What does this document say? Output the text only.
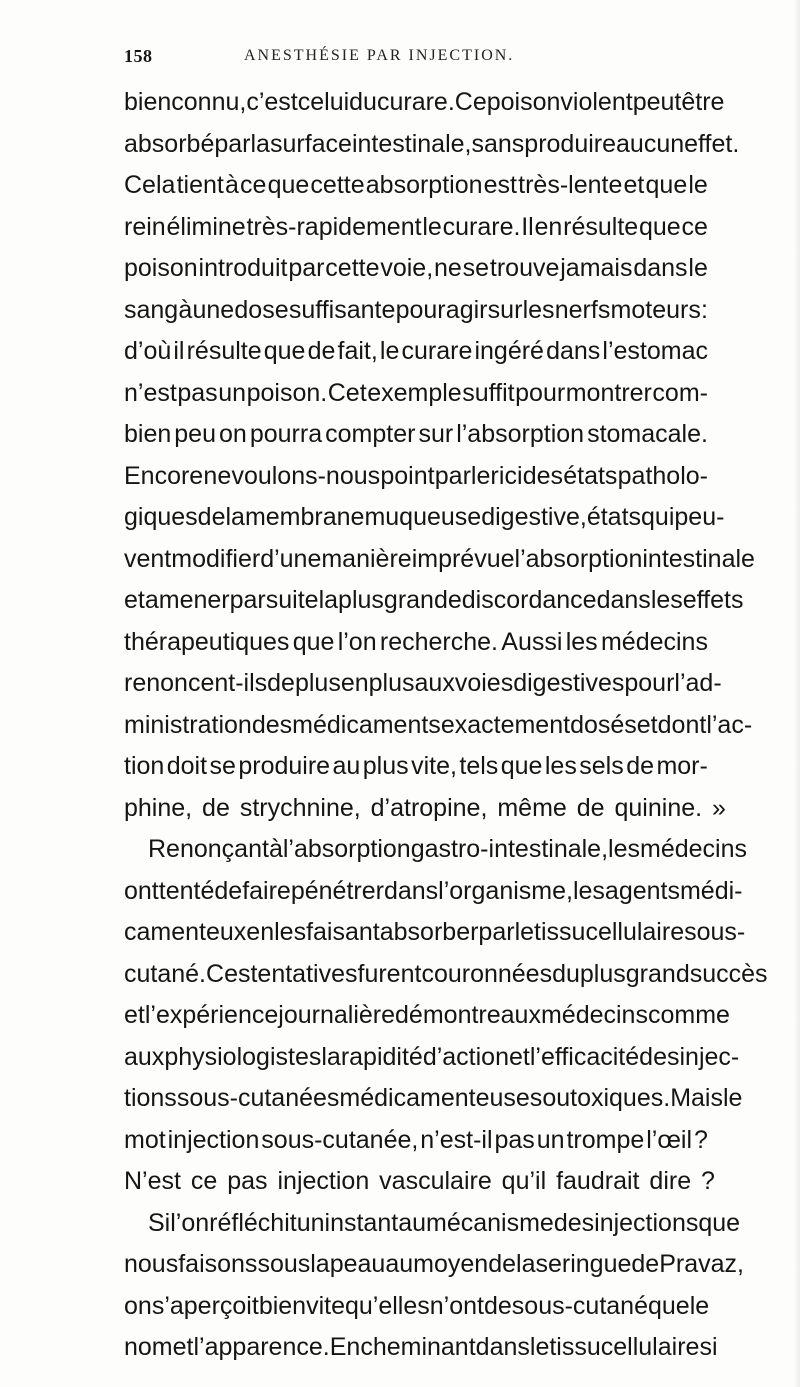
158	ANESTHÉSIE PAR INJECTION.
bien connu, c’est celui du curare. Ce poison violent peut être
absorbé par la surface intestinale, sans produire aucun effet.
Cela tient à ce que cette absorption est très-lente et que le
rein élimine très-rapidement le curare. Il en résulte que ce
poison introduit par cette voie, ne se trouve jamais dans le
sang à une dose suffisante pour agir sur les nerfs moteurs :
d’où il résulte que de fait, le curare ingéré dans l’estomac
n’est pas un poison. Cet exemple suffit pour montrer com-
bien peu on pourra compter sur l’absorption stomacale.
Encore ne voulons-nous point parler ici des états patholo-
giques de la membrane muqueuse digestive, états qui peu-
vent modifier d’une manière imprévue l’absorption intestinale
et amener par suite la plus grande discordance dans les effets
thérapeutiques que l’on recherche. Aussi les médecins
renoncent-ils de plus en plus aux voies digestives pour l’ad-
ministration des médicaments exactement dosés et dont l’ac-
tion doit se produire au plus vite, tels que les sels de mor-
phine, de strychnine, d’atropine, même de quinine. »
Renonçant à l’absorption gastro-intestinale, les médecins
ont tenté de faire pénétrer dans l’organisme, les agents médi-
camenteux en les faisant absorber par le tissu cellulaire sous-
cutané. Ces tentatives furent couronnées du plus grand succès
et l’expérience journalière démontre aux médecins comme
aux physiologistes la rapidité d’action et l’efficacité des injec-
tions sous-cutanées médicamenteuses ou toxiques. Mais le
mot injection sous-cutanée, n’est-il pas un trompe l’œil ?
N’est ce pas injection vasculaire qu’il faudrait dire ?
Si l’on réfléchit un instant au mécanisme des injections que
nous faisons sous la peau au moyen de la seringue de Pravaz,
on s’aperçoit bien vite qu’elles n’ont de sous-cutané que le
nom et l’apparence. En cheminant dans le tissu cellulaire si
